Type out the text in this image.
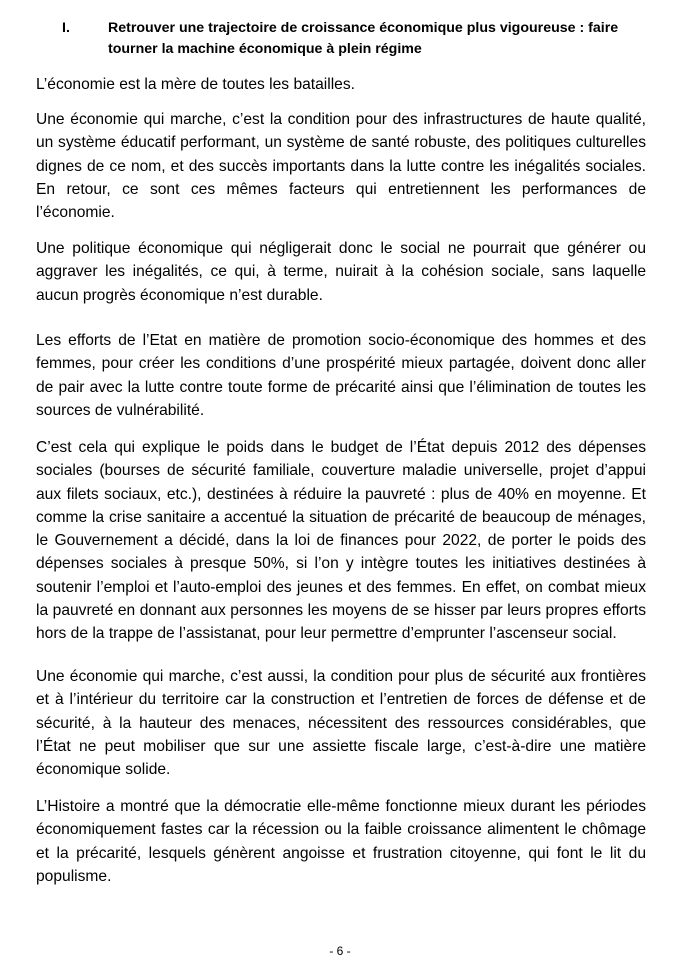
I.	Retrouver une trajectoire de croissance économique plus vigoureuse : faire tourner la machine économique à plein régime

L’économie est la mère de toutes les batailles.

Une économie qui marche, c’est la condition pour des infrastructures de haute qualité, un système éducatif performant, un système de santé robuste, des politiques culturelles dignes de ce nom, et des succès importants dans la lutte contre les inégalités sociales. En retour, ce sont ces mêmes facteurs qui entretiennent les performances de l’économie.

Une politique économique qui négligerait donc le social ne pourrait que générer ou aggraver les inégalités, ce qui, à terme, nuirait à la cohésion sociale, sans laquelle aucun progrès économique n’est durable.

Les efforts de l’Etat en matière de promotion socio-économique des hommes et des femmes, pour créer les conditions d’une prospérité mieux partagée, doivent donc aller de pair avec la lutte contre toute forme de précarité ainsi que l’élimination de toutes les sources de vulnérabilité.

C’est cela qui explique le poids dans le budget de l’État depuis 2012 des dépenses sociales (bourses de sécurité familiale, couverture maladie universelle, projet d’appui aux filets sociaux, etc.), destinées à réduire la pauvreté : plus de 40% en moyenne. Et comme la crise sanitaire a accentué la situation de précarité de beaucoup de ménages, le Gouvernement a décidé, dans la loi de finances pour 2022, de porter le poids des dépenses sociales à presque 50%, si l’on y intègre toutes les initiatives destinées à soutenir l’emploi et l’auto-emploi des jeunes et des femmes. En effet, on combat mieux la pauvreté en donnant aux personnes les moyens de se hisser par leurs propres efforts hors de la trappe de l’assistanat, pour leur permettre d’emprunter l’ascenseur social.

Une économie qui marche, c’est aussi, la condition pour plus de sécurité aux frontières et à l’intérieur du territoire car la construction et l’entretien de forces de défense et de sécurité, à la hauteur des menaces, nécessitent des ressources considérables, que l’État ne peut mobiliser que sur une assiette fiscale large, c’est-à-dire une matière économique solide.

L’Histoire a montré que la démocratie elle-même fonctionne mieux durant les périodes économiquement fastes car la récession ou la faible croissance alimentent le chômage et la précarité, lesquels génèrent angoisse et frustration citoyenne, qui font le lit du populisme.

- 6 -
